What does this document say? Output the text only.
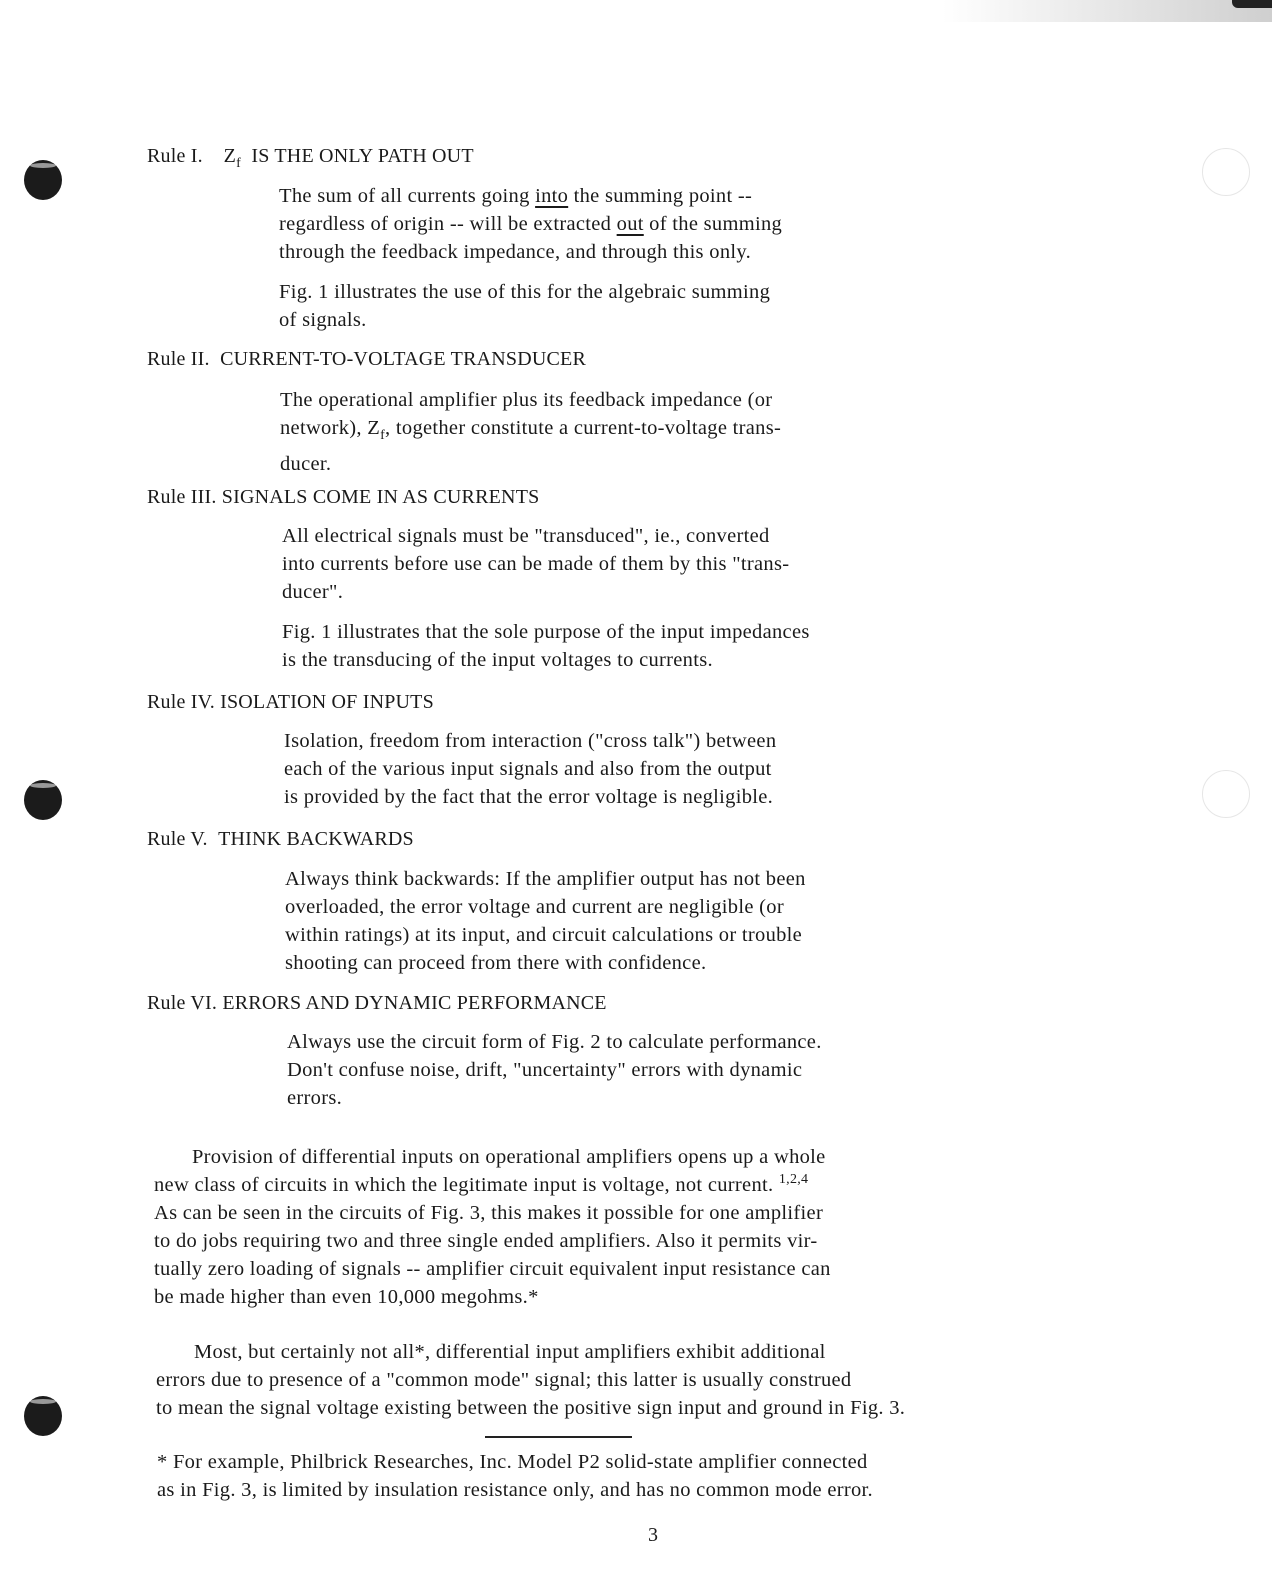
Rule I. $Z_f$ IS THE ONLY PATH OUT
The sum of all currents going into the summing point --
regardless of origin -- will be extracted out of the summing
through the feedback impedance, and through this only.
Fig. 1 illustrates the use of this for the algebraic summing
of signals.
Rule II. CURRENT-TO-VOLTAGE TRANSDUCER
The operational amplifier plus its feedback impedance (or
network), $Z_f$, together constitute a current-to-voltage trans-
ducer.
Rule III. SIGNALS COME IN AS CURRENTS
All electrical signals must be "transduced", ie., converted
into currents before use can be made of them by this "trans-
ducer".
Fig. 1 illustrates that the sole purpose of the input impedances
is the transducing of the input voltages to currents.
Rule IV. ISOLATION OF INPUTS
Isolation, freedom from interaction ("cross talk") between
each of the various input signals and also from the output
is provided by the fact that the error voltage is negligible.
Rule V. THINK BACKWARDS
Always think backwards: If the amplifier output has not been
overloaded, the error voltage and current are negligible (or
within ratings) at its input, and circuit calculations or trouble
shooting can proceed from there with confidence.
Rule VI. ERRORS AND DYNAMIC PERFORMANCE
Always use the circuit form of Fig. 2 to calculate performance.
Don't confuse noise, drift, "uncertainty" errors with dynamic
errors.
Provision of differential inputs on operational amplifiers opens up a whole
new class of circuits in which the legitimate input is voltage, not current. $^{1,2,4}$
As can be seen in the circuits of Fig. 3, this makes it possible for one amplifier
to do jobs requiring two and three single ended amplifiers. Also it permits vir-
tually zero loading of signals -- amplifier circuit equivalent input resistance can
be made higher than even 10,000 megohms.*
Most, but certainly not all*, differential input amplifiers exhibit additional
errors due to presence of a "common mode" signal; this latter is usually construed
to mean the signal voltage existing between the positive sign input and ground in Fig. 3.
* For example, Philbrick Researches, Inc. Model P2 solid-state amplifier connected
as in Fig. 3, is limited by insulation resistance only, and has no common mode error.
3
